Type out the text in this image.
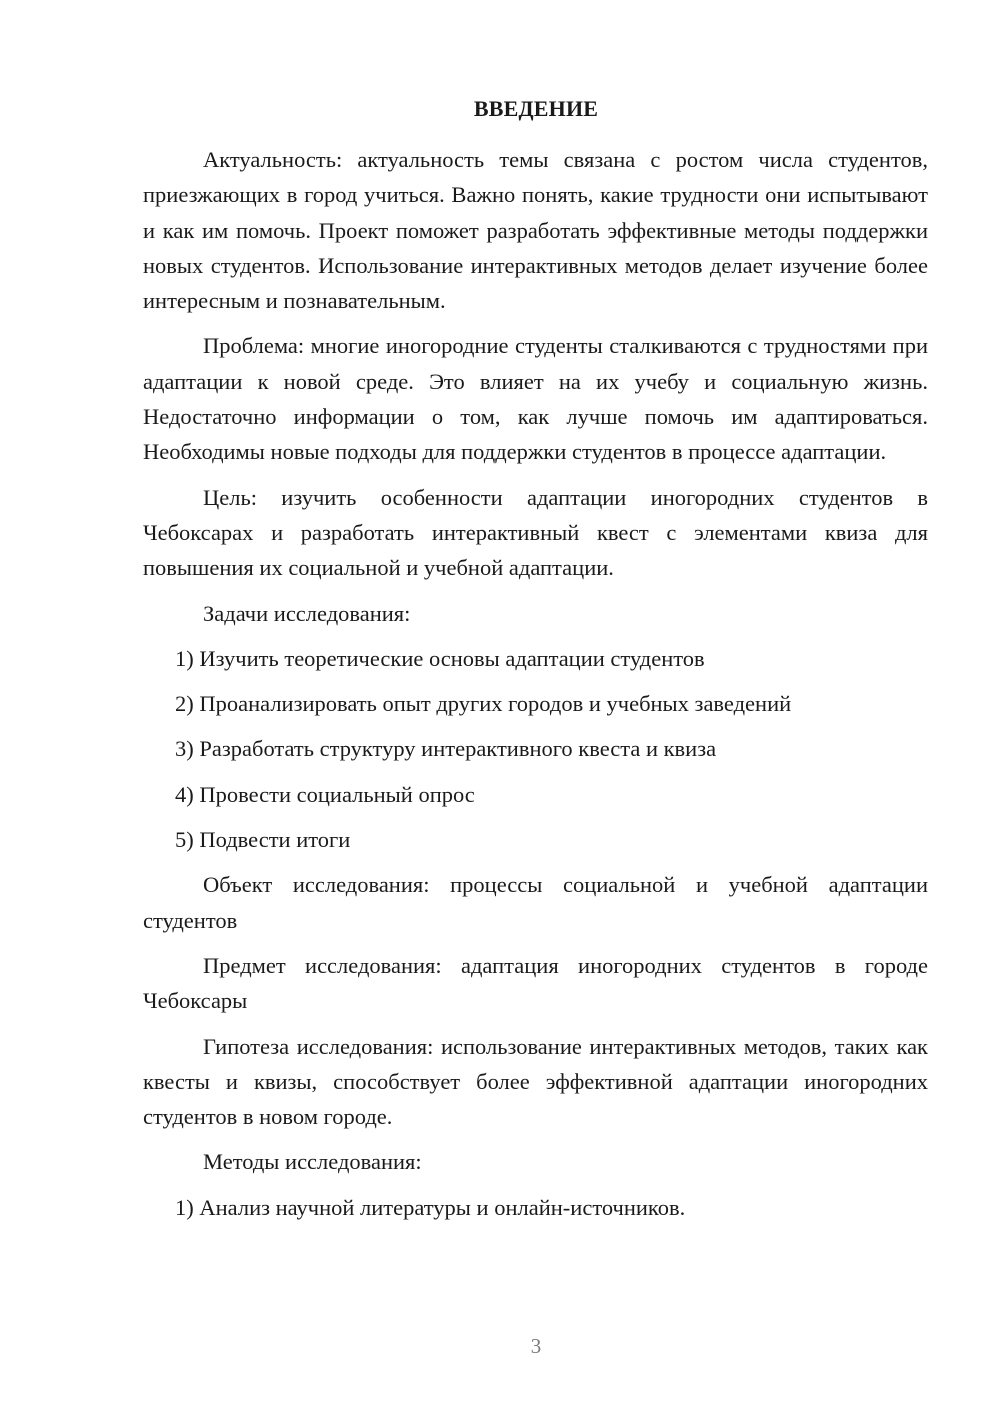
ВВЕДЕНИЕ

Актуальность: актуальность темы связана с ростом числа студентов, приезжающих в город учиться. Важно понять, какие трудности они испытывают и как им помочь. Проект поможет разработать эффективные методы поддержки новых студентов. Использование интерактивных методов делает изучение более интересным и познавательным.

Проблема: многие иногородние студенты сталкиваются с трудностями при адаптации к новой среде. Это влияет на их учебу и социальную жизнь. Недостаточно информации о том, как лучше помочь им адаптироваться. Необходимы новые подходы для поддержки студентов в процессе адаптации.

Цель: изучить особенности адаптации иногородних студентов в Чебоксарах и разработать интерактивный квест с элементами квиза для повышения их социальной и учебной адаптации.

Задачи исследования:

1) Изучить теоретические основы адаптации студентов
2) Проанализировать опыт других городов и учебных заведений
3) Разработать структуру интерактивного квеста и квиза
4) Провести социальный опрос
5) Подвести итоги

Объект исследования: процессы социальной и учебной адаптации студентов

Предмет исследования: адаптация иногородних студентов в городе Чебоксары

Гипотеза исследования: использование интерактивных методов, таких как квесты и квизы, способствует более эффективной адаптации иногородних студентов в новом городе.

Методы исследования:

1) Анализ научной литературы и онлайн-источников.
3
